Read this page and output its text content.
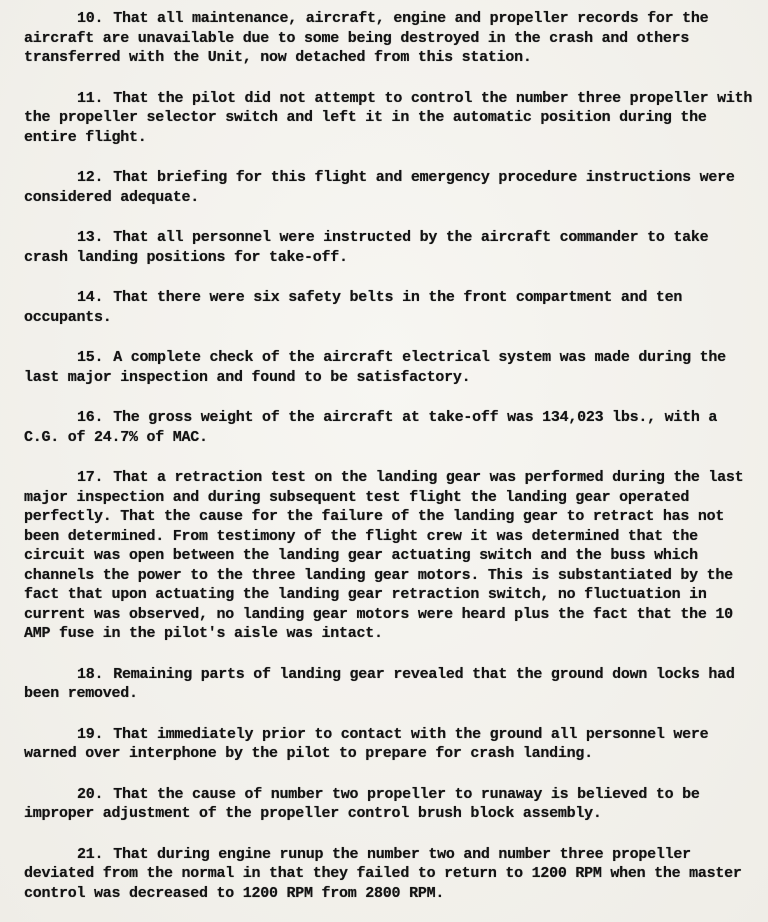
10. That all maintenance, aircraft, engine and propeller records for the aircraft are unavailable due to some being destroyed in the crash and others transferred with the Unit, now detached from this station.

11. That the pilot did not attempt to control the number three propeller with the propeller selector switch and left it in the automatic position during the entire flight.

12. That briefing for this flight and emergency procedure instructions were considered adequate.

13. That all personnel were instructed by the aircraft commander to take crash landing positions for take-off.

14. That there were six safety belts in the front compartment and ten occupants.

15. A complete check of the aircraft electrical system was made during the last major inspection and found to be satisfactory.

16. The gross weight of the aircraft at take-off was 134,023 lbs., with a C.G. of 24.7% of MAC.

17. That a retraction test on the landing gear was performed during the last major inspection and during subsequent test flight the landing gear operated perfectly. That the cause for the failure of the landing gear to retract has not been determined. From testimony of the flight crew it was determined that the circuit was open between the landing gear actuating switch and the buss which channels the power to the three landing gear motors. This is substantiated by the fact that upon actuating the landing gear retraction switch, no fluctuation in current was observed, no landing gear motors were heard plus the fact that the 10 AMP fuse in the pilot's aisle was intact.

18. Remaining parts of landing gear revealed that the ground down locks had been removed.

19. That immediately prior to contact with the ground all personnel were warned over interphone by the pilot to prepare for crash landing.

20. That the cause of number two propeller to runaway is believed to be improper adjustment of the propeller control brush block assembly.

21. That during engine runup the number two and number three propeller deviated from the normal in that they failed to return to 1200 RPM when the master control was decreased to 1200 RPM from 2800 RPM.
